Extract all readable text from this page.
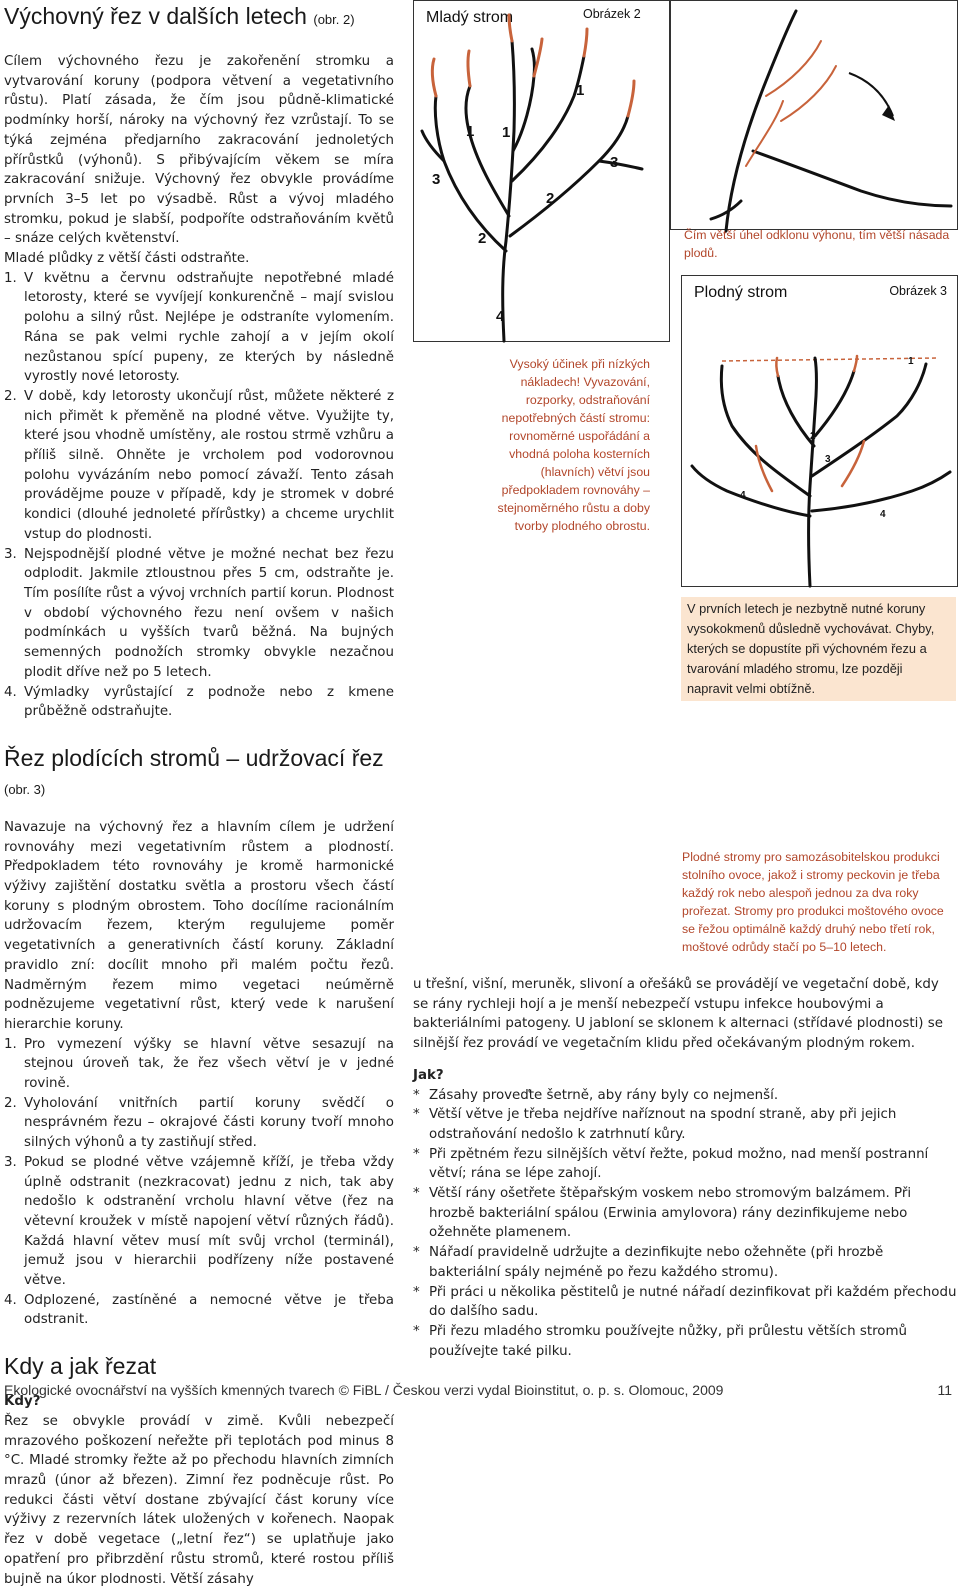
Výchovný řez v dalších letech (obr. 2)

Cílem výchovného řezu je zakořenění stromku a vytvarování koruny (podpora větvení a vegetativního růstu). Platí zásada, že čím jsou půdně-klimatické podmínky horší, nároky na výchovný řez vzrůstají. To se týká zejména předjarního zakracování jednoletých přírůstků (výhonů). S přibývajícím věkem se míra zakracování snižuje. Výchovný řez obvykle provádíme prvních 3–5 let po výsadbě. Růst a vývoj mladého stromku, pokud je slabší, podpoříte odstraňováním květů – snáze celých květenství.

Mladé plůdky z větší části odstraňte.

1. V květnu a červnu odstraňujte nepotřebné mladé letorosty, které se vyvíjejí konkurenčně – mají svislou polohu a silný růst. Nejlépe je odstraníte vylomením. Rána se pak velmi rychle zahojí a v jejím okolí nezůstanou spící pupeny, ze kterých by následně vyrostly nové letorosty.
2. V době, kdy letorosty ukončují růst, můžete některé z nich přimět k přeměně na plodné větve. Využijte ty, které jsou vhodně umístěny, ale rostou strmě vzhůru a příliš silně. Ohněte je vrcholem pod vodorovnou polohu vyvázáním nebo pomocí závaží. Tento zásah provádějme pouze v případě, kdy je stromek v dobré kondici (dlouhé jednoleté přírůstky) a chceme urychlit vstup do plodnosti.
3. Nejspodnější plodné větve je možné nechat bez řezu odplodit. Jakmile ztloustnou přes 5 cm, odstraňte je. Tím posílíte růst a vývoj vrchních partií korun. Plodnost v období výchovného řezu není ovšem v našich podmínkách u vyšších tvarů běžná. Na bujných semenných podnožích stromky obvykle nezačnou plodit dříve než po 5 letech.
4. Výmladky vyrůstající z podnože nebo z kmene průběžně odstraňujte.
Řez plodících stromů – udržovací řez (obr. 3)

Navazuje na výchovný řez a hlavním cílem je udržení rovnováhy mezi vegetativním růstem a plodností. Předpokladem této rovnováhy je kromě harmonické výživy zajištění dostatku světla a prostoru všech částí koruny s plodným obrostem. Toho docílíme racionálním udržovacím řezem, kterým regulujeme poměr vegetativních a generativních částí koruny. Základní pravidlo zní: docílit mnoho při malém počtu řezů. Nadměrným řezem mimo vegetaci neúměrně podnězujeme vegetativní růst, který vede k narušení hierarchie koruny.

1. Pro vymezení výšky se hlavní větve sesazují na stejnou úroveň tak, že řez všech větví je v jedné rovině.
2. Vyholování vnitřních partií koruny svědčí o nesprávném řezu – okrajové části koruny tvoří mnoho silných výhonů a ty zastiňují střed.
3. Pokud se plodné větve vzájemně kříží, je třeba vždy úplně odstranit (nezkracovat) jednu z nich, tak aby nedošlo k odstranění vrcholu hlavní větve (řez na větevní kroužek v místě napojení větví různých řádů). Každá hlavní větev musí mít svůj vrchol (terminál), jemuž jsou v hierarchii podřízeny níže postavené větve.
4. Odplozené, zastíněné a nemocné větve je třeba odstranit.
Kdy a jak řezat
Kdy?

Řez se obvykle provádí v zimě. Kvůli nebezpečí mrazového poškození neřežte při teplotách pod minus 8 °C. Mladé stromky řežte až po přechodu hlavních zimních mrazů (únor až březen). Zimní řez podněcuje růst. Po redukci části větví dostane zbývající část koruny více výživy z rezervních látek uložených v kořenech. Naopak řez v době vegetace („letní řez“) se uplatňuje jako opatření pro přibrzdění růstu stromů, které rostou příliš bujně na úkor plodnosti. Větší zásahy

Mladý strom
1 1
1
2
2
3
3
4
Obrázek 2
Čím větší úhel odklonu výhonu, tím větší násada plodů.
Vysoký účinek při nízkých nákladech! Vyvazování, rozporky, odstraňování nepotřebných částí stromu: rovnoměrné uspořádání a vhodná poloha kosterních (hlavních) větví jsou předpokladem rovnováhy – stejnoměrného růstu a doby tvorby plodného obrostu.
Plodný strom	Obrázek 3
1
2
3
4
4
V prvních letech je nezbytně nutné koruny vysokokmenů důsledně vychovávat. Chyby, kterých se dopustíte při výchovném řezu a tvarování mladého stromu, lze později napravit velmi obtížně.
Plodné stromy pro samozásobitelskou produkci stolního ovoce, jakož i stromy peckovin je třeba každý rok nebo alespoň jednou za dva roky prořezat. Stromy pro produkci moštového ovoce se řežou optimálně každý druhý nebo třetí rok, moštové odrůdy stačí po 5–10 letech.

u třešní, višní, meruněk, slivoní a ořešáků se provádějí ve vegetační době, kdy se rány rychleji hojí a je menší nebezpečí vstupu infekce houbovými a bakteriálními patogeny. U jabloní se sklonem k alternaci (střídavé plodnosti) se silnější řez provádí ve vegetačním klidu před očekávaným plodným rokem.

Jak?
* Zásahy proveďte šetrně, aby rány byly co nejmenší.
* Větší větve je třeba nejdříve naříznout na spodní straně, aby při jejich odstraňování nedošlo k zatrhnutí kůry.
* Při zpětném řezu silnějších větví řežte, pokud možno, nad menší postranní větví; rána se lépe zahojí.
* Větší rány ošetřete štěpařským voskem nebo stromovým balzámem. Při hrozbě bakteriální spálou (Erwinia amylovora) rány dezinfikujeme nebo ožehněte plamenem.
* Nářadí pravidelně udržujte a dezinfikujte nebo ožehněte (při hrozbě bakteriální spály nejméně po řezu každého stromu).
* Při práci u několika pěstitelů je nutné nářadí dezinfikovat při každém přechodu do dalšího sadu.
* Při řezu mladého stromku používejte nůžky, při průlestu větších stromů používejte také pilku.
Ekologické ovocnářství na vyšších kmenných tvarech © FiBL / Českou verzi vydal Bioinstitut, o. p. s. Olomouc, 2009	11
